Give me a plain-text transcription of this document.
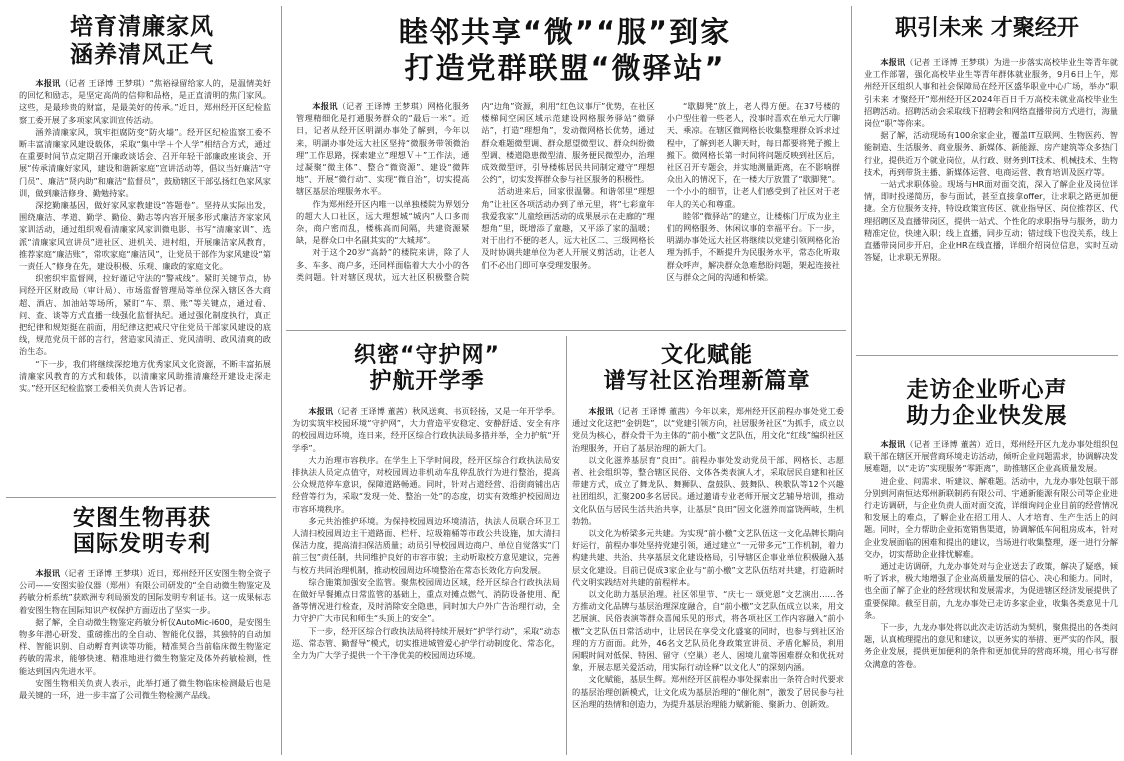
培育清廉家风
涵养清风正气

本报讯（记者 王译博 王梦琪）“焦裕禄留给家人的，是温情美好的回忆和励志，是坚定高尚的信仰和品格，是正直清明的焦门家风。这些，是最珍贵的财富，是最美好的传承。”近日，郑州经开区纪检监察工委开展了多项家风家训宣传活动。

涵养清廉家风，筑牢拒腐防变“防火墙”。经开区纪检监察工委不断丰富清廉家风建设载体，采取“集中学＋个人学”相结合方式，通过在重要时间节点定期召开廉政谈话会、召开年轻干部廉政座谈会、开展“传承清廉好家风，建设和谐新家庭”宣讲活动等，倡议当好廉洁“守门员”、廉洁“贤内助”和廉洁“监督员”，鼓励辖区干部弘扬红色家风家训，做到廉洁修身、勤勉持家。

深挖勤廉基因，做好家风家教建设“答题卷”。坚持从实际出发，围绕廉洁、孝道、勤学、勤俭、勤志等内容开展多形式廉洁齐家家风家训活动，通过组织观看清廉家风家训微电影、书写“清廉家训”、选派“清廉家风宣讲员”进社区、进机关、进村组，开展廉洁家风教育，推荐家庭“廉洁账”，常吹家庭“廉洁风”，让党员干部作为家风建设“第一责任人”修身在先，建设积极、乐观、廉政的家庭文化。

织密织牢监督网，拉好谨记守法的“警戒线”。紧盯关键节点，协同经开区财政局（审计局）、市场监督管理局等单位深入辖区各大商超、酒店、加油站等场所，紧盯“车、票、账”等关键点，通过看、问、查、谈等方式直播一线强化监督执纪。通过强化制度执行，真正把纪律和规矩挺在前面，用纪律这把戒尺守住党员干部家风建设的底线，规范党员干部的言行，营造家风清正、党风清明、政风清爽的政治生态。

“下一步，我们将继续深挖地方优秀家风文化资源，不断丰富拓展清廉家风教育的方式和载体，以清廉家风助推清廉经开建设走深走实。”经开区纪检监察工委相关负责人告诉记者。

安图生物再获
国际发明专利

本报讯（记者 王译博 王梦琪）近日，郑州经开区安图生物全资子公司——安图实验仪器（郑州）有限公司研发的“全自动微生物鉴定及药敏分析系统”获欧洲专利局颁发的国际发明专利证书。这一成果标志着安图生物在国际知识产权保护方面迈出了坚实一步。

据了解，全自动微生物鉴定药敏分析仪AutoMic-i600，是安图生物多年潜心研发、重磅推出的全自动、智能化仪器，其独特的自动加样、智能识别、自动孵育判读等功能，精准契合当前临床微生物鉴定药敏的需求，能够快速、精准地进行微生物鉴定及体外药敏检测，性能达到国内先进水平。

安图生物相关负责人表示，此举打通了微生物临床检测最后也是最关键的一环，进一步丰富了公司微生物检测产品线。

睦邻共享“微”“服”到家
打造党群联盟“微驿站”

本报讯（记者 王译博 王梦琪）网格化服务管理精细化是打通服务群众的“最后一米”。近日，记者从经开区明湖办事处了解到，今年以来，明湖办事处远大社区坚持“微服务带领微治理”工作思路，探索建立“理想Ｖ＋”工作法，通过凝聚“微主体”、整合“微资源”、建设“微阵地”、开展“微行动”、实现“微自治”，切实提高辖区基层治理服务水平。

作为郑州经开区内唯一以单独楼院为界划分的超大人口社区，远大理想城“城内”人口多而杂，商户密而乱，楼栋高而间隔，共建资源紧缺，是群众口中名副其实的“大城邦”。

对于这个20岁“高龄”的楼院来讲，除了人多、车多、商户多，还同样面临着大大小小的各类问题。针对辖区现状，远大社区积极整合院内“边角”资源，利用“红色议事厅”优势，在社区楼梯间空闲区域示范建设网格服务驿站“微驿站”，打造“理想角”，发动微网格长优势，通过群众难题微型调、群众愿望微型议、群众纠纷微型调、楼道隐患微型清、服务便民微型办，治理成效微型评，引导楼栋居民共同制定遵守“理想公约”，切实发挥群众参与社区服务的积极性。

活动进来后，回家很温馨。和谐邻里“理想角”让社区各项活动办到了单元里，将“七彩童年 我爱我家”儿童绘画活动的成果展示在走廊的“理想角”里，既增添了童趣，又平添了家的温暖；对于出行不便的老人，远大社区二、三级网格长及时协调共建单位为老人开展义剪活动，让老人们不必出门即可享受理发服务。

“歇脚凳”放上，老人得方便。在37号楼的小户型住着一些老人，没事时喜欢在单元大厅聊天、乘凉。在辖区微网格长收集整理群众诉求过程中，了解到老人聊天时，每日都要将凳子搬上搬下。微网格长第一时间将问题反映到社区后，社区召开专题会，并实地测量距离，在不影响群众出入的情况下，在一楼大厅放置了“歇脚凳”。一个小小的细节，让老人们感受到了社区对于老年人的关心和尊重。

睦邻“微驿站”的建立，让楼栋门厅成为业主们的网格服务、休闲议事的幸福平台。下一步，明湖办事处远大社区将继续以党建引领网格化治理为抓手，不断提升为民服务水平，常态化听取群众呼声，解决群众急难愁盼问题，架起连接社区与群众之间的沟通和桥梁。

织密“守护网”
护航开学季

本报讯（记者 王译博 董茜）秋风送爽、书页轻扬，又是一年开学季。为切实筑牢校园环境“守护网”，大力营造平安稳定、安静舒适、安全有序的校园周边环境，连日来，经开区综合行政执法局多措并举，全力护航“开学季”。

大力治理市容秩序。在学生上下学时间段，经开区综合行政执法局安排执法人员定点值守，对校园周边非机动车乱停乱放行为进行整治，提高公众规范停车意识，保障道路畅通。同时，针对占道经营、沿街商铺出店经营等行为，采取“发现一处、整治一处”的态度，切实有效维护校园周边市容环境秩序。

多元共治推护环境。为保持校园周边环境清洁，执法人员联合环卫工人清扫校园周边主干道路面、栏杆、垃圾箱桶等市政公共设施，加大清扫保洁力度，提高清扫保洁质量；动员引导校园周边商户、单位自觉落实“门前三包”责任制，共同维护良好的市容市貌；主动听取校方意见建议，完善与校方共同治理机制，推动校园周边环境整治在常态长效化方向发展。

综合施策加强安全监管。聚焦校园周边区域，经开区综合行政执法局在做好早餐摊点日常监管的基础上，重点对摊点燃气、消防设备使用、配备等情况进行检查，及时消除安全隐患，同时加大户外广告治理行动，全力守护广大市民和师生“头顶上的安全”。

下一步，经开区综合行政执法局将持续开展好“护学行动”，采取“动态巡、常态管、勤督导”模式，切实推进城管爱心护学行动制度化、常态化，全力为广大学子提供一个干净优美的校园周边环境。

文化赋能
谱写社区治理新篇章

本报讯（记者 王译博 董茜）今年以来，郑州经开区前程办事处党工委通过文化这把“金钥匙”，以“党建引领方向，社居服务社区”为抓手，成立以党员为核心，群众骨干为主体的“前小檄”文艺队伍，用文化“红线”编织社区治理服务，开启了基层治理的新大门。

以文化滋养基层育“良田”。前程办事处发动党员干部、网格长、志愿者、社会组织等，整合辖区民俗、文体各类表演人才，采取居民自建和社区带建方式，成立了舞龙队、舞狮队、盘鼓队、鼓舞队、秧歌队等12个兴趣社团组织，汇聚200多名居民。通过邀请专业老师开展文艺辅导培训，推动文化队伍与居民生活共治共享，让基层“良田”因文化滋养而富饶两岐，生机勃勃。

以文化为桥梁多元共建。为实现“前小檄”文艺队伍这一文化品牌长期向好运行，前程办事处坚持党建引领，通过建立“一元带多元”工作机制，着力构建共建、共治、共享基层文化建设格局，引导辖区企事业单位积极融入基层文化建设。目前已促成3家企业与“前小檄”文艺队伍结对共建，打造新时代文明实践结对共建的前程样本。

以文化助力基层治理。社区邻里节、“庆七一 颂党恩”文艺演出……各方推动文化品牌与基层治理深度融合，自“前小檄”文艺队伍成立以来，用文艺展演、民俗表演等群众喜闻乐见的形式，将各项社区工作内容融入“前小檄”文艺队伍日常活动中，让居民在享受文化盛宴的同时，也参与到社区治理的方方面面。此外，46名文艺队员化身政策宣讲员、矛盾化解员，利用闲暇时间对低保、特困、留守（空巢）老人、困境儿童等困难群众和优抚对象，开展志愿关爱活动，用实际行动诠释“以文化人”的深刻内涵。

文化赋能，基层生辉。郑州经开区前程办事处探索出一条符合时代要求的基层治理创新模式，让文化成为基层治理的“催化剂”，激发了居民参与社区治理的热情和创造力，为提升基层治理能力赋新能、聚新力、创新效。

职引未来 才聚经开

本报讯（记者 王译博 王梦琪）为进一步落实高校毕业生等青年就业工作部署，强化高校毕业生等青年群体就业服务，9月6日上午，郑州经开区组织人事和社会保障局在经开区盛华职业中心广场，举办“职引未来 才聚经开”郑州经开区2024年百日千万高校未就业高校毕业生招聘活动。招聘活动会采取线下招聘会和网络直播带岗方式进行，海量岗位“职”等你来。

据了解，活动现场有100余家企业，覆盖IT互联网、生物医药、智能制造、生活服务、商业服务、新媒体、新能源、房产建筑等众多热门行业，提供近万个就业岗位，从行政、财务到IT技术、机械技术、生物技术，再到带货主播、新媒体运营、电商运营、教育培训及医疗等。

一站式求职体验。现场与HR面对面交流，深入了解企业及岗位详情，即时投递简历，参与面试，甚至直接拿offer，让求职之路更加便捷。全方位服务支持，特设政策宣传区、就业指导区、岗位推荐区、代理招聘区及直播带岗区，提供一站式、个性化的求职指导与服务，助力精准定位，快速入职；线上直播，同步互动；错过线下也没关系，线上直播带岗同步开启，企业HR在线直播，详细介绍岗位信息，实时互动答疑，让求职无界限。

走访企业听心声
助力企业快发展

本报讯（记者 王译博 董茜）近日，郑州经开区九龙办事处组织包联干部在辖区开展营商环境走访活动，倾听企业问题需求，协调解决发展难题，以“走访”实现服务“零距离”，助推辖区企业高质量发展。

进企业、问需求、听建议、解难题。活动中，九龙办事处包联干部分别到河南恒达郑州新联制药有限公司、宇通新能源有限公司等企业进行走访调研，与企业负责人面对面交流，详细询问企业目前的经营情况和发展上的难点，了解企业在招工用人、人才培育、生产生活上的问题。同时，全力帮助企业拓宽销售渠道，协调解低车间租房成本，针对企业发展面临的困难和提出的建议，当场进行收集整理，逐一进行分解交办，切实帮助企业排忧解难。

通过走访调研，九龙办事处对与企业送去了政策，解决了疑惑，倾听了诉求，极大地增强了企业高质量发展的信心、决心和能力。同时，也全面了解了企业的经营现状和发展需求，为促进辖区经济发展提供了重要保障。截至目前，九龙办事处已走访多家企业，收集各类意见十几条。

下一步，九龙办事处将以此次走访活动为契机，聚焦提出的各类问题，认真梳理提出的意见和建议，以更务实的举措、更严实的作风，服务企业发展，提供更加便利的条件和更加优异的营商环境，用心书写群众满意的答卷。
